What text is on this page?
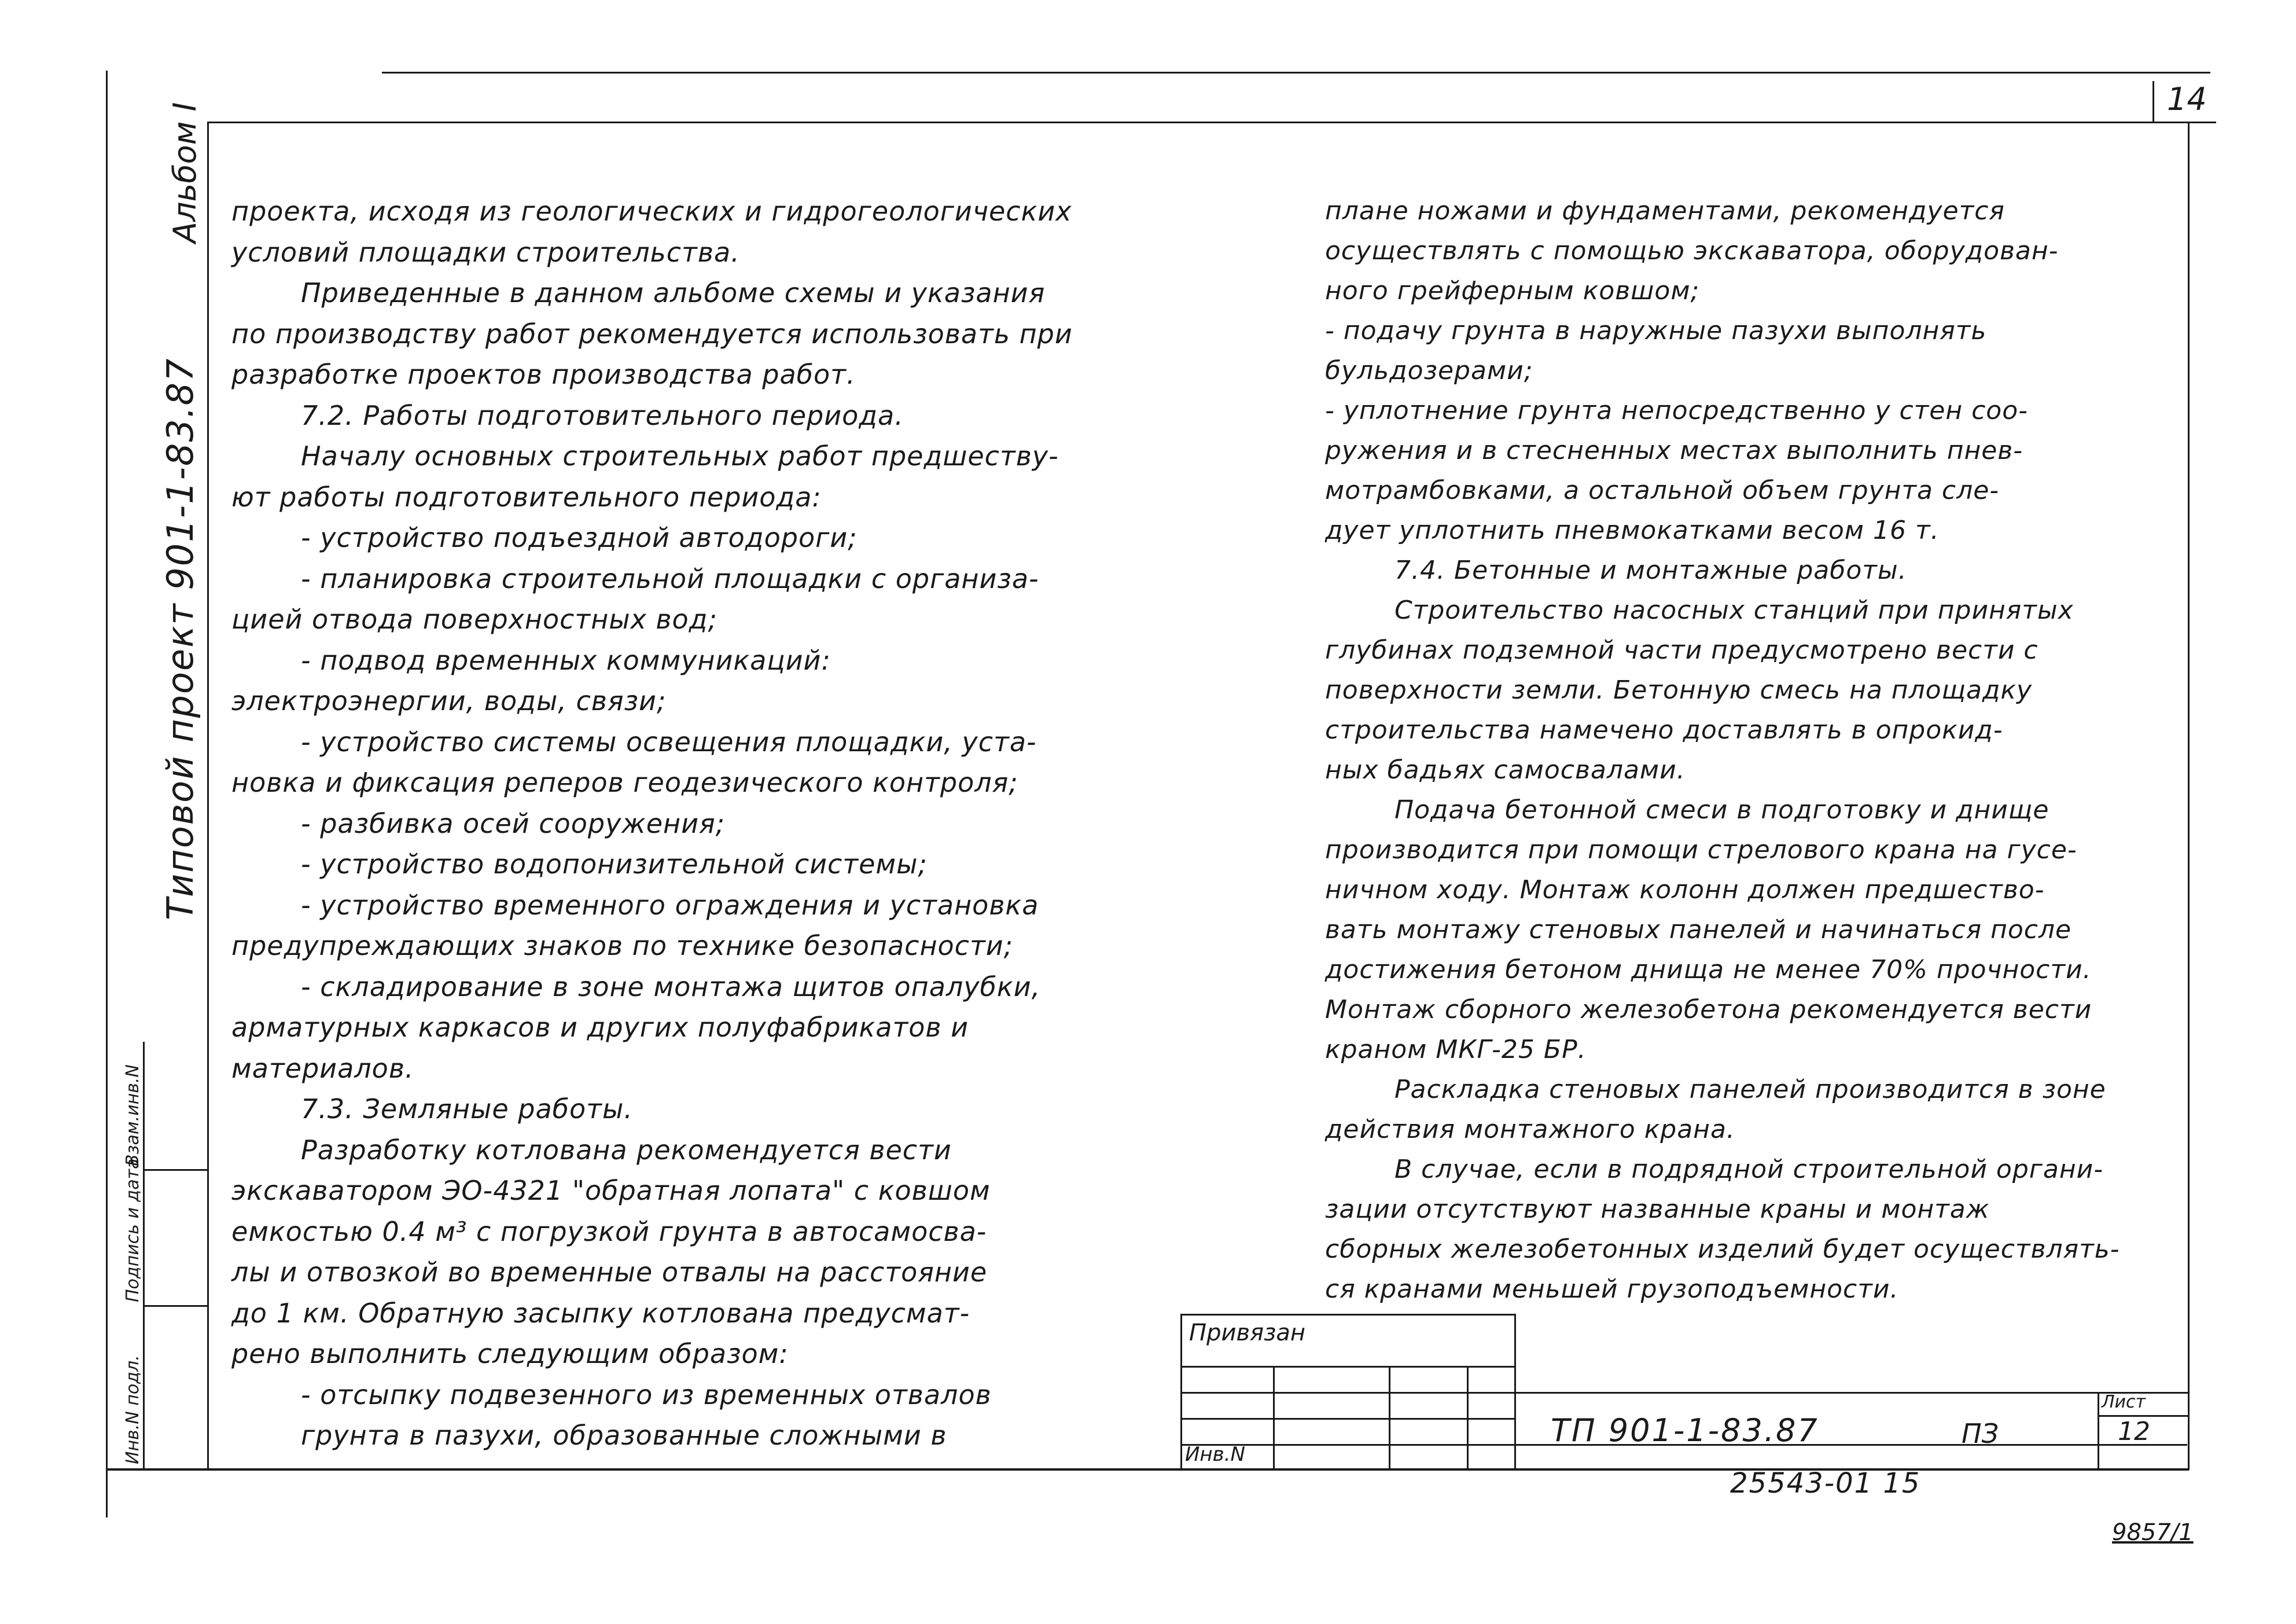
14
Альбом I
Типовой проект 901-1-83.87
Инв.N подл.
Подпись и дата
Взам.инв.N
проекта, исходя из геологических и гидрогеологических
условий площадки строительства.
Приведенные в данном альбоме схемы и указания
по производству работ рекомендуется использовать при
разработке проектов производства работ.
7.2. Работы подготовительного периода.
Началу основных строительных работ предшеству-
ют работы подготовительного периода:
- устройство подъездной автодороги;
- планировка строительной площадки с организа-
цией отвода поверхностных вод;
- подвод временных коммуникаций:
электроэнергии, воды, связи;
- устройство системы освещения площадки, уста-
новка и фиксация реперов геодезического контроля;
- разбивка осей сооружения;
- устройство водопонизительной системы;
- устройство временного ограждения и установка
предупреждающих знаков по технике безопасности;
- складирование в зоне монтажа щитов опалубки,
арматурных каркасов и других полуфабрикатов и
материалов.
7.3. Земляные работы.
Разработку котлована рекомендуется вести
экскаватором ЭО-4321 "обратная лопата" с ковшом
емкостью 0.4 м³ с погрузкой грунта в автосамосва-
лы и отвозкой во временные отвалы на расстояние
до 1 км. Обратную засыпку котлована предусмат-
рено выполнить следующим образом:
- отсыпку подвезенного из временных отвалов
грунта в пазухи, образованные сложными в
плане ножами и фундаментами, рекомендуется
осуществлять с помощью экскаватора, оборудован-
ного грейферным ковшом;
- подачу грунта в наружные пазухи выполнять
бульдозерами;
- уплотнение грунта непосредственно у стен соо-
ружения и в стесненных местах выполнить пнев-
мотрамбовками, а остальной объем грунта сле-
дует уплотнить пневмокатками весом 16 т.
7.4. Бетонные и монтажные работы.
Строительство насосных станций при принятых
глубинах подземной части предусмотрено вести с
поверхности земли. Бетонную смесь на площадку
строительства намечено доставлять в опрокид-
ных бадьях самосвалами.
Подача бетонной смеси в подготовку и днище
производится при помощи стрелового крана на гусе-
ничном ходу. Монтаж колонн должен предшество-
вать монтажу стеновых панелей и начинаться после
достижения бетоном днища не менее 70% прочности.
Монтаж сборного железобетона рекомендуется вести
краном МКГ-25 БР.
Раскладка стеновых панелей производится в зоне
действия монтажного крана.
В случае, если в подрядной строительной органи-
зации отсутствуют названные краны и монтаж
сборных железобетонных изделий будет осуществлять-
ся кранами меньшей грузоподъемности.
Привязан
Инв.N
ТП 901-1-83.87	ПЗ
Лист
12
25543-01 15
9857/1
